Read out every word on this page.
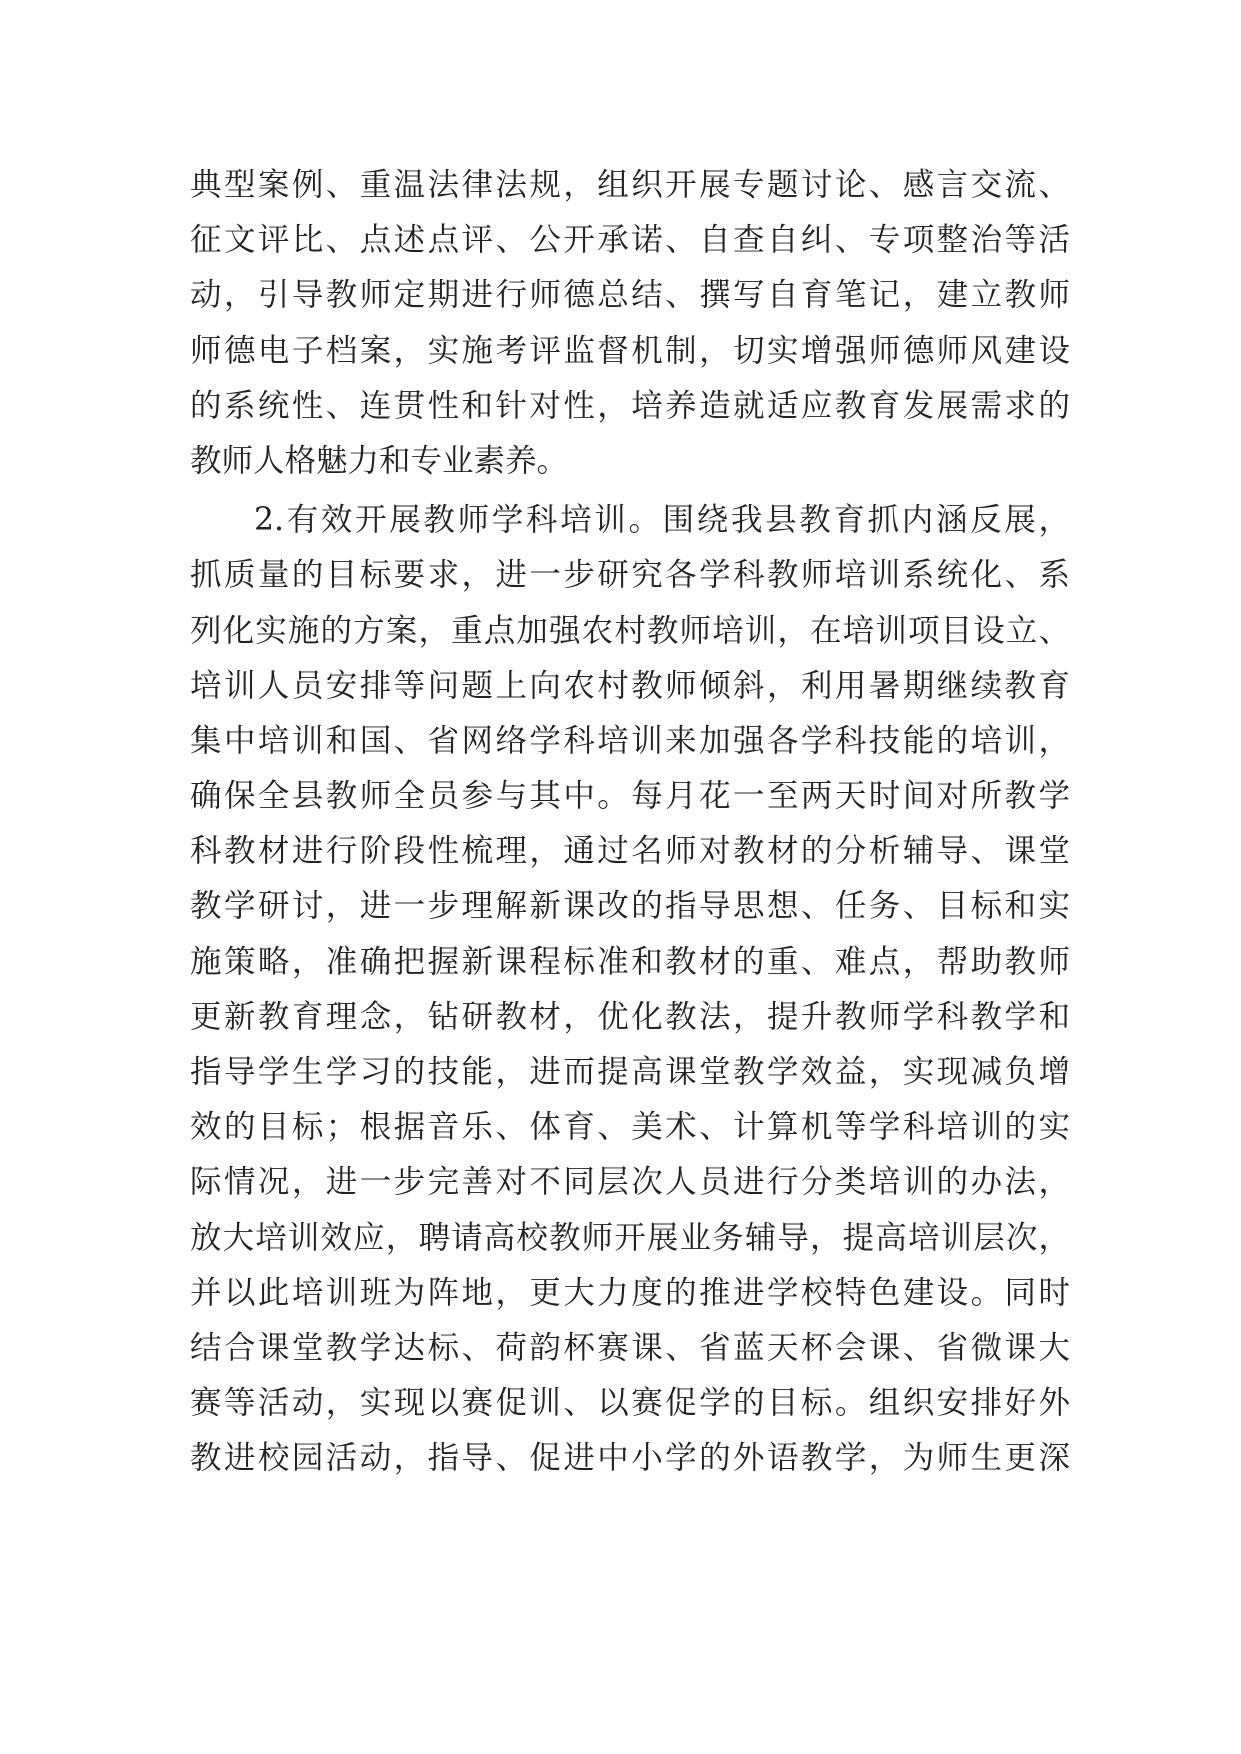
典型案例、重温法律法规，组织开展专题讨论、感言交流、
征文评比、点述点评、公开承诺、自查自纠、专项整治等活
动，引导教师定期进行师德总结、撰写自育笔记，建立教师
师德电子档案，实施考评监督机制，切实增强师德师风建设
的系统性、连贯性和针对性，培养造就适应教育发展需求的
教师人格魅力和专业素养。
2.有效开展教师学科培训。围绕我县教育抓内涵反展，
抓质量的目标要求，进一步研究各学科教师培训系统化、系
列化实施的方案，重点加强农村教师培训，在培训项目设立、
培训人员安排等问题上向农村教师倾斜，利用暑期继续教育
集中培训和国、省网络学科培训来加强各学科技能的培训，
确保全县教师全员参与其中。每月花一至两天时间对所教学
科教材进行阶段性梳理，通过名师对教材的分析辅导、课堂
教学研讨，进一步理解新课改的指导思想、任务、目标和实
施策略，准确把握新课程标准和教材的重、难点，帮助教师
更新教育理念，钻研教材，优化教法，提升教师学科教学和
指导学生学习的技能，进而提高课堂教学效益，实现减负增
效的目标；根据音乐、体育、美术、计算机等学科培训的实
际情况，进一步完善对不同层次人员进行分类培训的办法，
放大培训效应，聘请高校教师开展业务辅导，提高培训层次，
并以此培训班为阵地，更大力度的推进学校特色建设。同时
结合课堂教学达标、荷韵杯赛课、省蓝天杯会课、省微课大
赛等活动，实现以赛促训、以赛促学的目标。组织安排好外
教进校园活动，指导、促进中小学的外语教学，为师生更深
